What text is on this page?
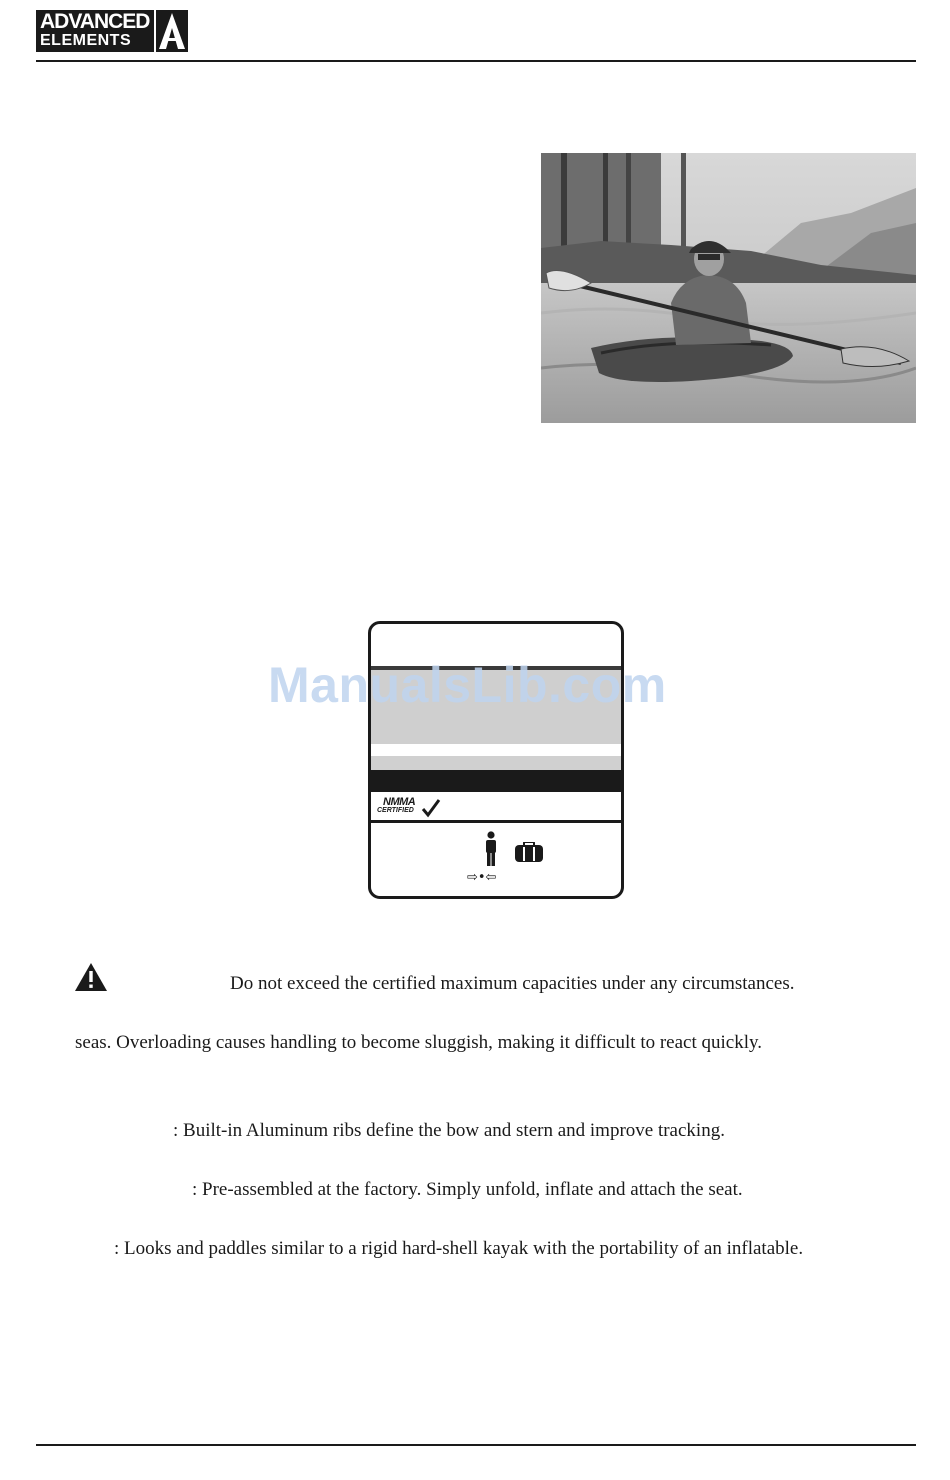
ADVANCED
ELEMENTS
NMMA
CERTIFIED
⇨•⇦
ManualsLib.com
Do not exceed the certified maximum capacities under any circumstances.
seas. Overloading causes handling to become sluggish, making it difficult to react quickly.
: Built-in Aluminum ribs define the bow and stern and improve tracking.
: Pre-assembled at the factory. Simply unfold, inflate and attach the seat.
: Looks and paddles similar to a rigid hard-shell kayak with the portability of an inflatable.
